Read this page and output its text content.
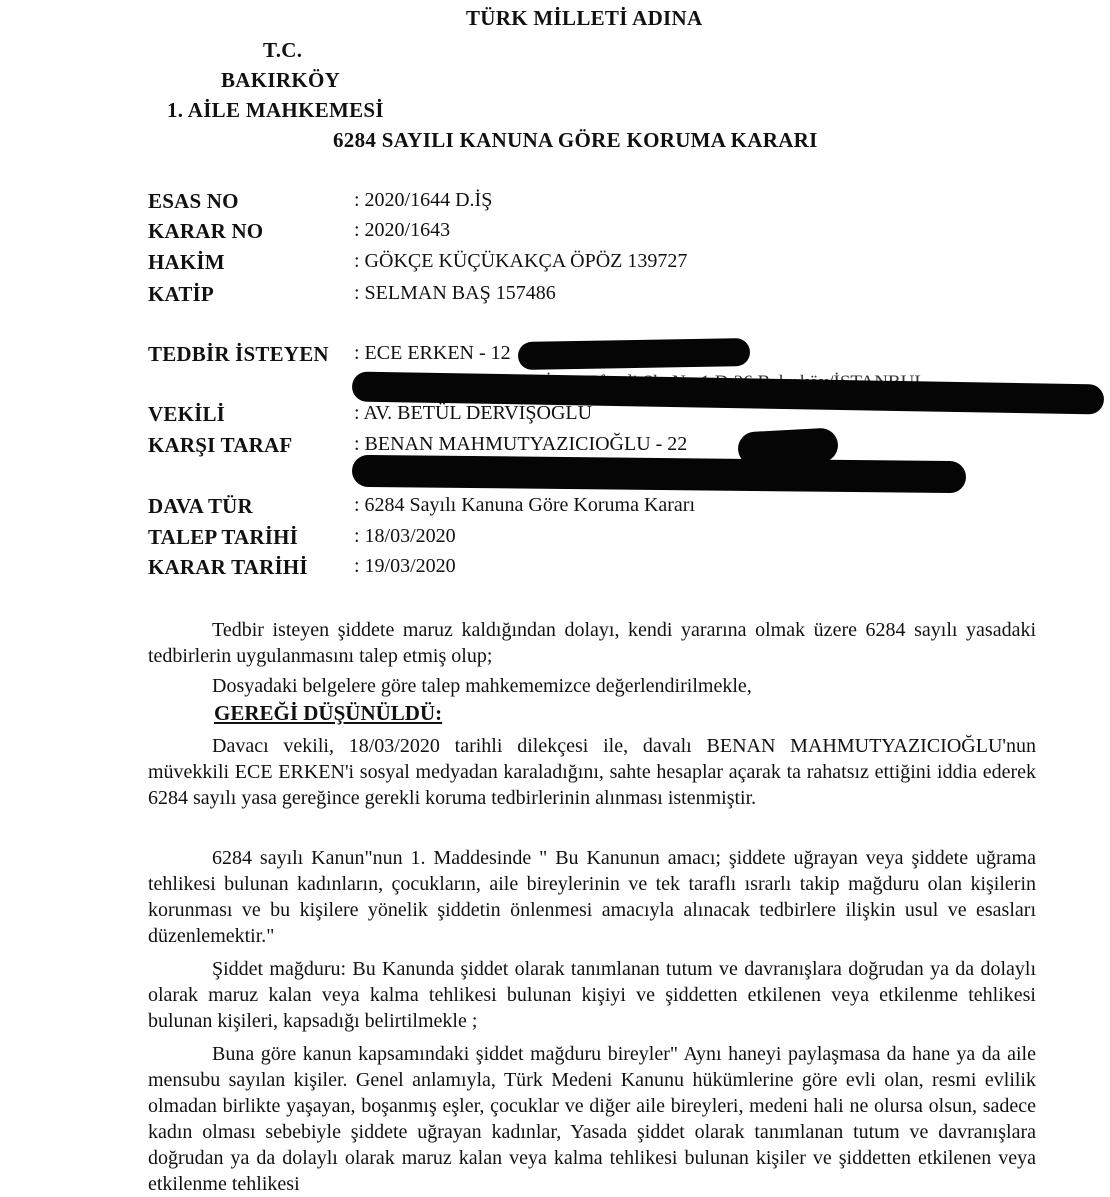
TÜRK MİLLETİ ADINA
T.C.
BAKIRKÖY
1. AİLE MAHKEMESİ
6284 SAYILI KANUNA GÖRE KORUMA KARARI
ESAS NO	: 2020/1644 D.İŞ
KARAR NO	: 2020/1643
HAKİM	: GÖKÇE KÜÇÜKAKÇA ÖPÖZ 139727
KATİP	: SELMAN BAŞ 157486
TEDBİR İSTEYEN : ECE ERKEN - 12
VEKİLİ	: AV. BETÜL DERVİŞOĞLU
KARŞI TARAF	: BENAN MAHMUTYAZICIOĞLU - 22
DAVA TÜR	: 6284 Sayılı Kanuna Göre Koruma Kararı
TALEP TARİHİ	: 18/03/2020
KARAR TARİHİ : 19/03/2020
Tedbir isteyen şiddete maruz kaldığından dolayı, kendi yararına olmak üzere 6284 sayılı yasadaki tedbirlerin uygulanmasını talep etmiş olup;
Dosyadaki belgelere göre talep mahkememizce değerlendirilmekle,
GEREĞİ DÜŞÜNÜLDÜ:
Davacı vekili, 18/03/2020 tarihli dilekçesi ile, davalı BENAN MAHMUTYAZICIOĞLU'nun müvekkili ECE ERKEN'i sosyal medyadan karaladığını, sahte hesaplar açarak ta rahatsız ettiğini iddia ederek 6284 sayılı yasa gereğince gerekli koruma tedbirlerinin alınması istenmiştir.
6284 sayılı Kanun"nun 1. Maddesinde " Bu Kanunun amacı; şiddete uğrayan veya şiddete uğrama tehlikesi bulunan kadınların, çocukların, aile bireylerinin ve tek taraflı ısrarlı takip mağduru olan kişilerin korunması ve bu kişilere yönelik şiddetin önlenmesi amacıyla alınacak tedbirlere ilişkin usul ve esasları düzenlemektir."
Şiddet mağduru: Bu Kanunda şiddet olarak tanımlanan tutum ve davranışlara doğrudan ya da dolaylı olarak maruz kalan veya kalma tehlikesi bulunan kişiyi ve şiddetten etkilenen veya etkilenme tehlikesi bulunan kişileri, kapsadığı belirtilmekle ;
Buna göre kanun kapsamındaki şiddet mağduru bireyler" Aynı haneyi paylaşmasa da hane ya da aile mensubu sayılan kişiler. Genel anlamıyla, Türk Medeni Kanunu hükümlerine göre evli olan, resmi evlilik olmadan birlikte yaşayan, boşanmış eşler, çocuklar ve diğer aile bireyleri, medeni hali ne olursa olsun, sadece kadın olması sebebiyle şiddete uğrayan kadınlar, Yasada şiddet olarak tanımlanan tutum ve davranışlara doğrudan ya da dolaylı olarak maruz kalan veya kalma tehlikesi bulunan kişiler ve şiddetten etkilenen veya etkilenme tehlikesi
